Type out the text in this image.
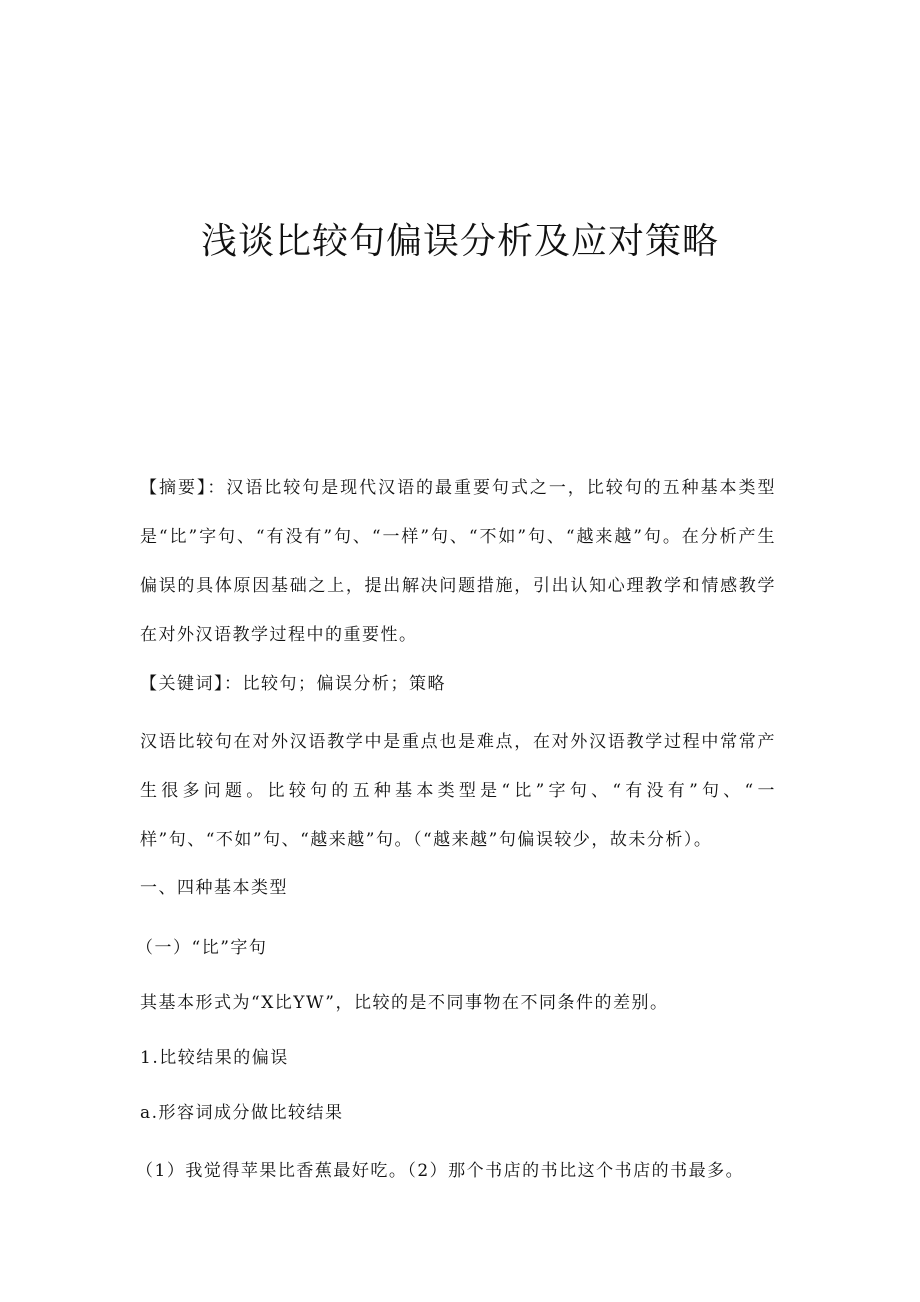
浅谈比较句偏误分析及应对策略
【摘要】：汉语比较句是现代汉语的最重要句式之一，比较句的五种基本类型是“比”字句、“有没有”句、“一样”句、“不如”句、“越来越”句。在分析产生偏误的具体原因基础之上，提出解决问题措施，引出认知心理教学和情感教学在对外汉语教学过程中的重要性。
【关键词】：比较句；偏误分析；策略
汉语比较句在对外汉语教学中是重点也是难点，在对外汉语教学过程中常常产生很多问题。比较句的五种基本类型是“比”字句、“有没有”句、“一样”句、“不如”句、“越来越”句。（“越来越”句偏误较少，故未分析）。
一、四种基本类型
（一）“比”字句
其基本形式为“X比YW”，比较的是不同事物在不同条件的差别。
1.比较结果的偏误
a.形容词成分做比较结果
（1）我觉得苹果比香蕉最好吃。（2）那个书店的书比这个书店的书最多。
